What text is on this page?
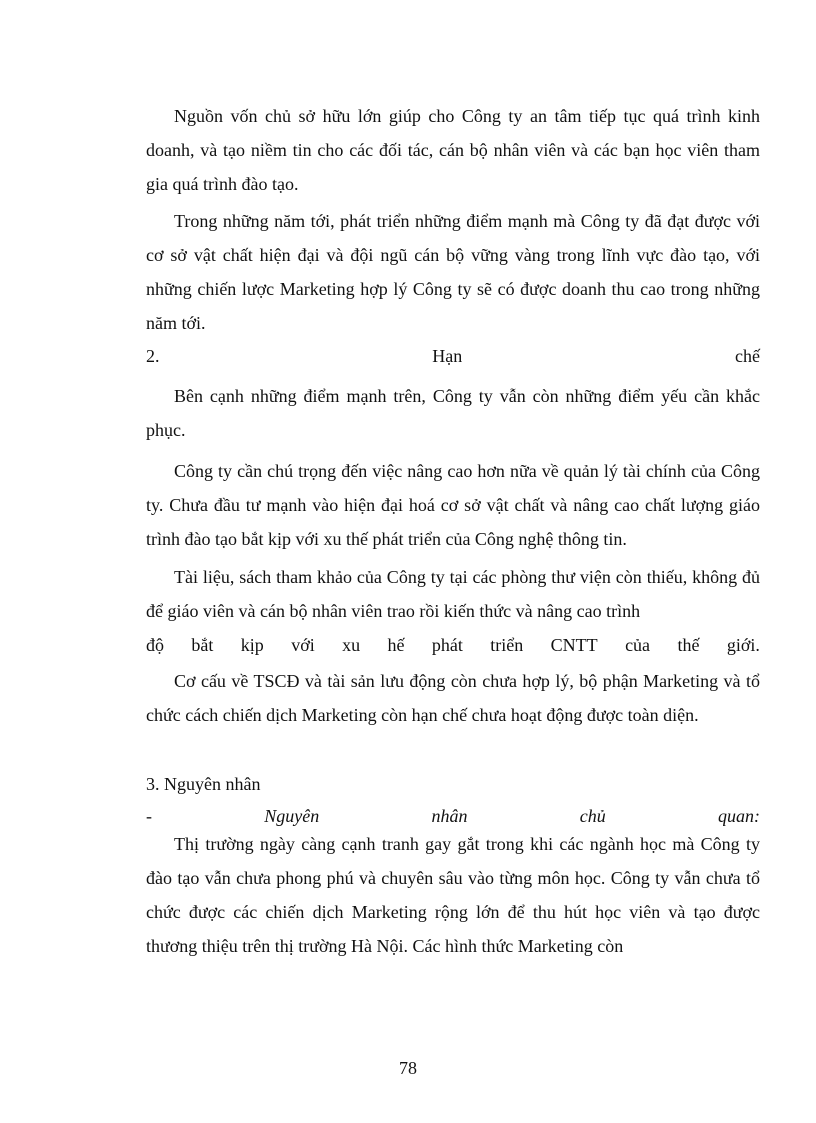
Nguồn vốn chủ sở hữu lớn giúp cho Công ty an tâm tiếp tục quá trình kinh doanh, và tạo niềm tin cho các đối tác, cán bộ nhân viên và các bạn học viên tham gia quá trình đào tạo.

Trong những năm tới, phát triển những điểm mạnh mà Công ty đã đạt được với cơ sở vật chất hiện đại và đội ngũ cán bộ vững vàng trong lĩnh vực đào tạo, với những chiến lược Marketing hợp lý Công ty sẽ có được doanh thu cao trong những năm tới.

2.	Hạn	chế

Bên cạnh những điểm mạnh trên, Công ty vẫn còn những điểm yếu cần khắc phục.

Công ty cần chú trọng đến việc nâng cao hơn nữa về quản lý tài chính của Công ty. Chưa đầu tư mạnh vào hiện đại hoá cơ sở vật chất và nâng cao chất lượng giáo trình đào tạo bắt kịp với xu thế phát triển của Công nghệ thông tin.

Tài liệu, sách tham khảo của Công ty tại các phòng thư viện còn thiếu, không đủ để giáo viên và cán bộ nhân viên trao rồi kiến thức và nâng cao trình

độ bắt kịp với xu hế phát triển CNTT của thế giới.

Cơ cấu về TSCĐ và tài sản lưu động còn chưa hợp lý, bộ phận Marketing và tổ chức cách chiến dịch Marketing còn hạn chế chưa hoạt động được toàn diện.

3. Nguyên nhân

-	Nguyên	nhân	chủ	quan:

Thị trường ngày càng cạnh tranh gay gắt trong khi các ngành học mà Công ty đào tạo vẫn chưa phong phú và chuyên sâu vào từng môn học. Công ty vẫn chưa tổ chức được các chiến dịch Marketing rộng lớn để thu hút học viên và tạo được thương thiệu trên thị trường Hà Nội. Các hình thức Marketing còn

78
